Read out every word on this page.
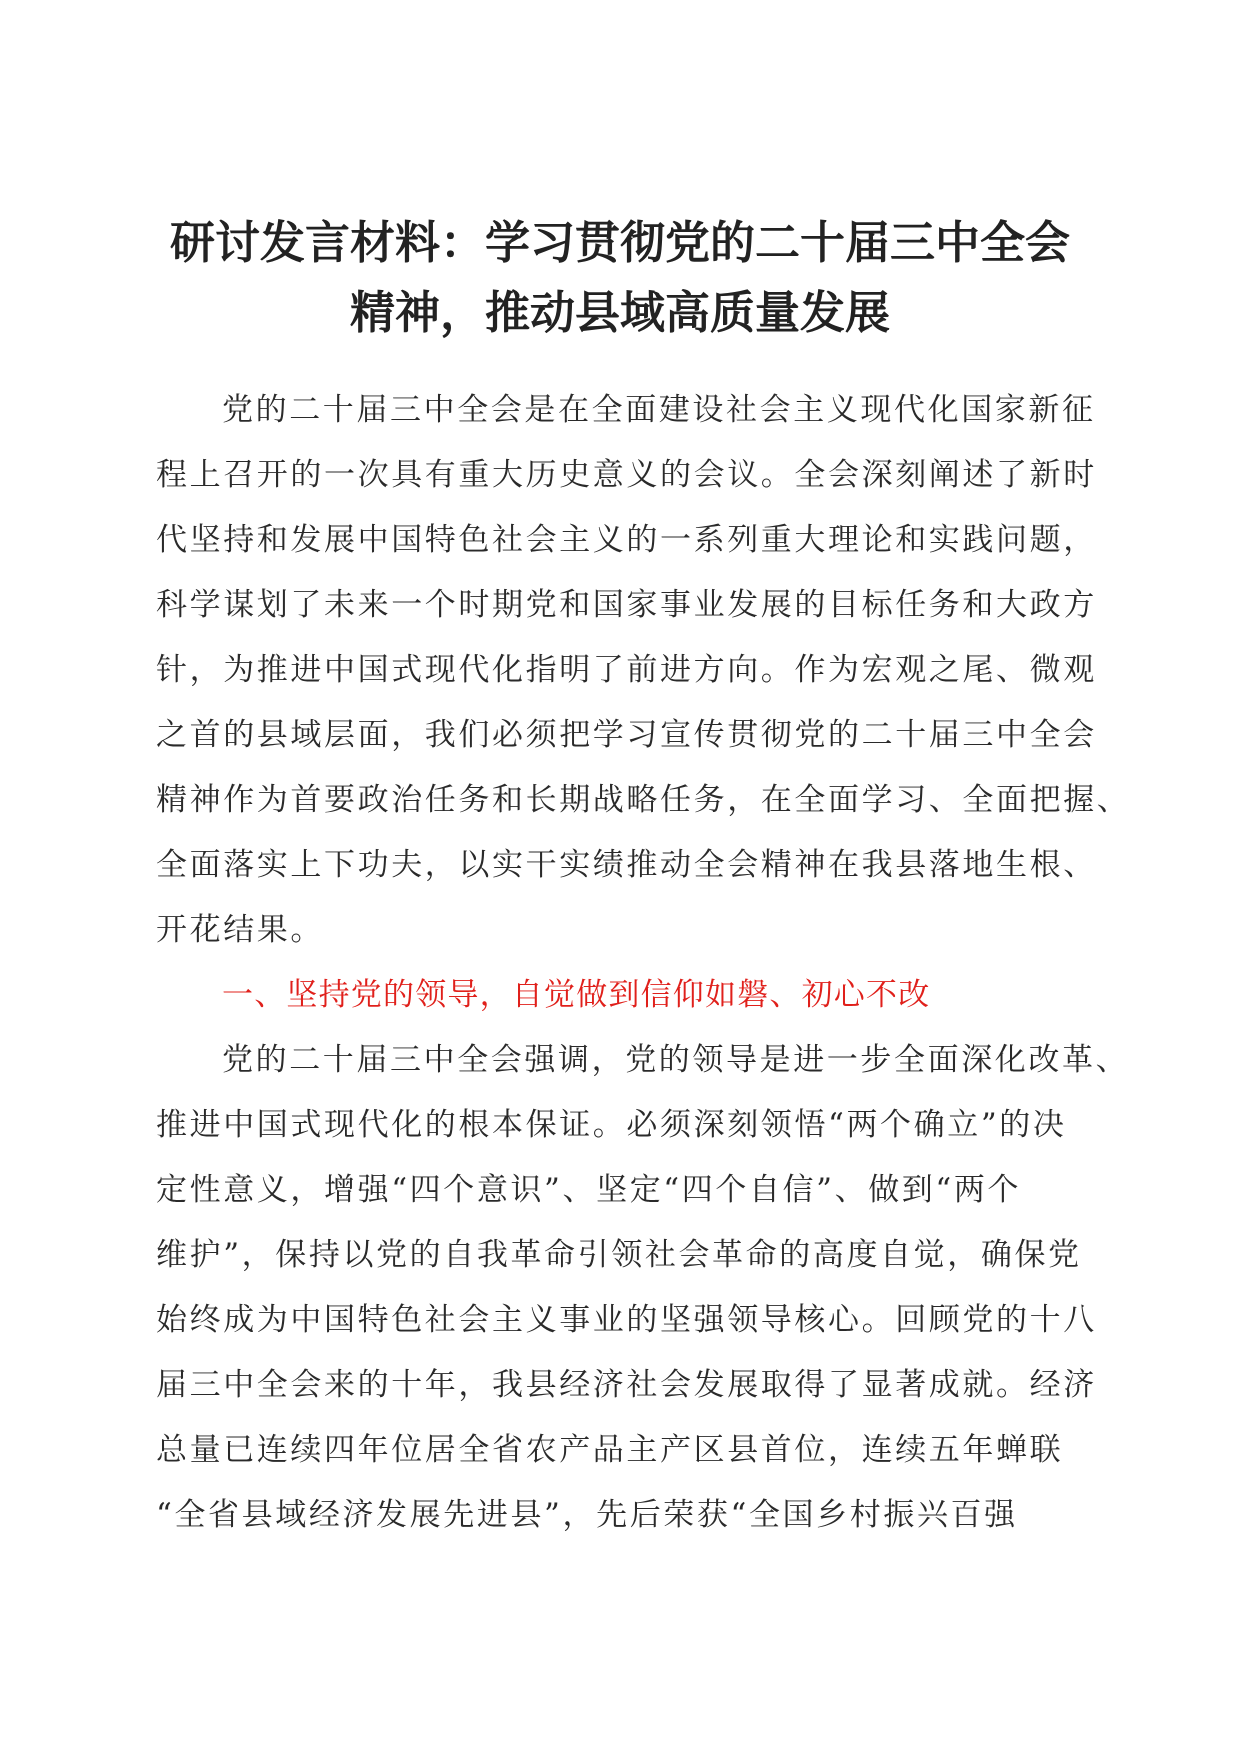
研讨发言材料：学习贯彻党的二十届三中全会
精神，推动县域高质量发展
党的二十届三中全会是在全面建设社会主义现代化国家新征
程上召开的一次具有重大历史意义的会议。全会深刻阐述了新时
代坚持和发展中国特色社会主义的一系列重大理论和实践问题，
科学谋划了未来一个时期党和国家事业发展的目标任务和大政方
针，为推进中国式现代化指明了前进方向。作为宏观之尾、微观
之首的县域层面，我们必须把学习宣传贯彻党的二十届三中全会
精神作为首要政治任务和长期战略任务，在全面学习、全面把握、
全面落实上下功夫，以实干实绩推动全会精神在我县落地生根、
开花结果。
一、坚持党的领导，自觉做到信仰如磐、初心不改
党的二十届三中全会强调，党的领导是进一步全面深化改革、
推进中国式现代化的根本保证。必须深刻领悟“两个确立”的决
定性意义，增强“四个意识”、坚定“四个自信”、做到“两个
维护”，保持以党的自我革命引领社会革命的高度自觉，确保党
始终成为中国特色社会主义事业的坚强领导核心。回顾党的十八
届三中全会来的十年，我县经济社会发展取得了显著成就。经济
总量已连续四年位居全省农产品主产区县首位，连续五年蝉联
“全省县域经济发展先进县”，先后荣获“全国乡村振兴百强
